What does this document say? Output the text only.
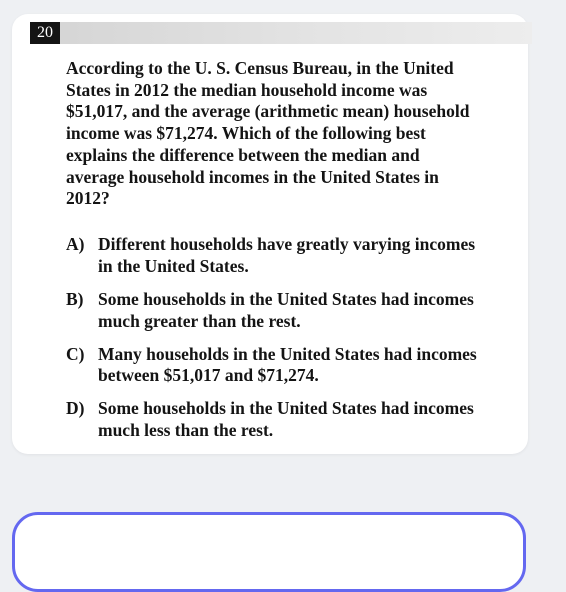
20

According to the U. S. Census Bureau, in the United
States in 2012 the median household income was
$51,017, and the average (arithmetic mean) household
income was $71,274. Which of the following best
explains the difference between the median and
average household incomes in the United States in
2012?

A) Different households have greatly varying incomes
in the United States.
B) Some households in the United States had incomes
much greater than the rest.
C) Many households in the United States had incomes
between $51,017 and $71,274.
D) Some households in the United States had incomes
much less than the rest.
